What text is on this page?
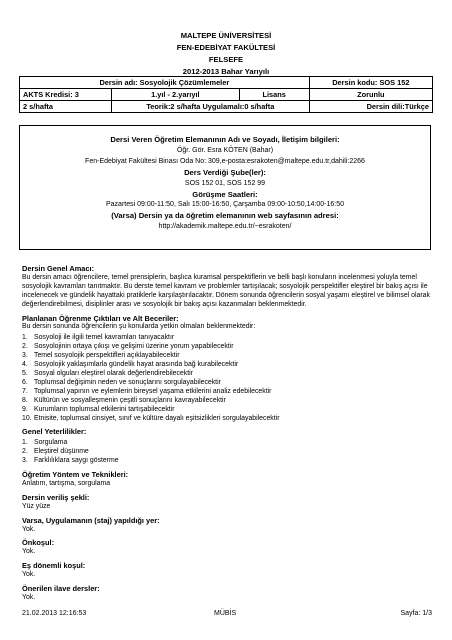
MALTEPE ÜNİVERSİTESİ
FEN-EDEBİYAT FAKÜLTESİ
FELSEFE
2012-2013 Bahar Yarıyılı
Dersin adı: Sosyolojik Çözümlemeler			Dersin kodu: SOS 152
AKTS Kredisi: 3	1.yıl - 2.yarıyıl	Lisans	Zorunlu
2 s/hafta	Teorik:2 s/hafta Uygulamalı:0 s/hafta		Dersin dili:Türkçe
Dersi Veren Öğretim Elemanının Adı ve Soyadı, İletişim bilgileri:
Öğr. Gör. Esra KÖTEN (Bahar)
Fen-Edebiyat Fakültesi Binası Oda No: 309,e-posta:esrakoten@maltepe.edu.tr,dahili:2266
Ders Verdiği Şube(ler):
SOS 152 01, SOS 152 99
Görüşme Saatleri:
Pazartesi 09:00-11:50, Salı 15:00-16:50, Çarşamba 09:00-10:50,14:00-16:50
(Varsa) Dersin ya da öğretim elemanının web sayfasının adresi:
http://akademik.maltepe.edu.tr/~esrakoten/
Dersin Genel Amacı:

Bu dersin amacı öğrencilere, temel prensiplerin, başlıca kuramsal perspektiflerin ve belli başlı konuların incelenmesi yoluyla temel sosyolojik kavramları tanıtmaktır. Bu derste temel kavram ve problemler tartışılacak; sosyolojik perspektifler eleştirel bir bakış açısı ile incelenecek ve gündelik hayattaki pratiklerle karşılaştırılacaktır. Dönem sonunda öğrencilerin sosyal yaşamı eleştirel ve bilimsel olarak değerlendirebilmesi, disiplinler arası ve sosyolojik bir bakış açısı kazanmaları beklenmektedir.

Planlanan Öğrenme Çıktıları ve Alt Beceriler:

Bu dersin sonunda öğrencilerin şu konularda yetkin olmaları beklenmektedir:

1. Sosyoloji ile ilgili temel kavramları tanıyacaktır
2. Sosyolojinin ortaya çıkışı ve gelişimi üzerine yorum yapabilecektir
3. Temel sosyolojik perspektifleri açıklayabilecektir
4. Sosyolojik yaklaşımlarla gündelik hayat arasında bağ kurabilecektir
5. Sosyal olguları eleştirel olarak değerlendirebilecektir
6. Toplumsal değişimin neden ve sonuçlarını sorgulayabilecektir
7. Toplumsal yapının ve eylemlerin bireysel yaşama etkilerini analiz edebilecektir
8. Kültürün ve sosyalleşmenin çeşitli sonuçlarını kavrayabilecektir
9. Kurumların toplumsal etkilerini tartışabilecektir
10. Etnisite, toplumsal cinsiyet, sınıf ve kültüre dayalı eşitsizlikleri sorgulayabilecektir
Genel Yeterlilikler:
1. Sorgulama
2. Eleştirel düşünme
3. Farklılıklara saygı gösterme
Öğretim Yöntem ve Teknikleri:

Anlatım, tartışma, sorgulama

Dersin veriliş şekli:

Yüz yüze

Varsa, Uygulamanın (staj) yapıldığı yer:

Yok.

Önkoşul:

Yok.

Eş dönemli koşul:

Yok.

Önerilen ilave dersler:

Yok.

21.02.2013 12:16:53	MÜBİS	Sayfa: 1/3
